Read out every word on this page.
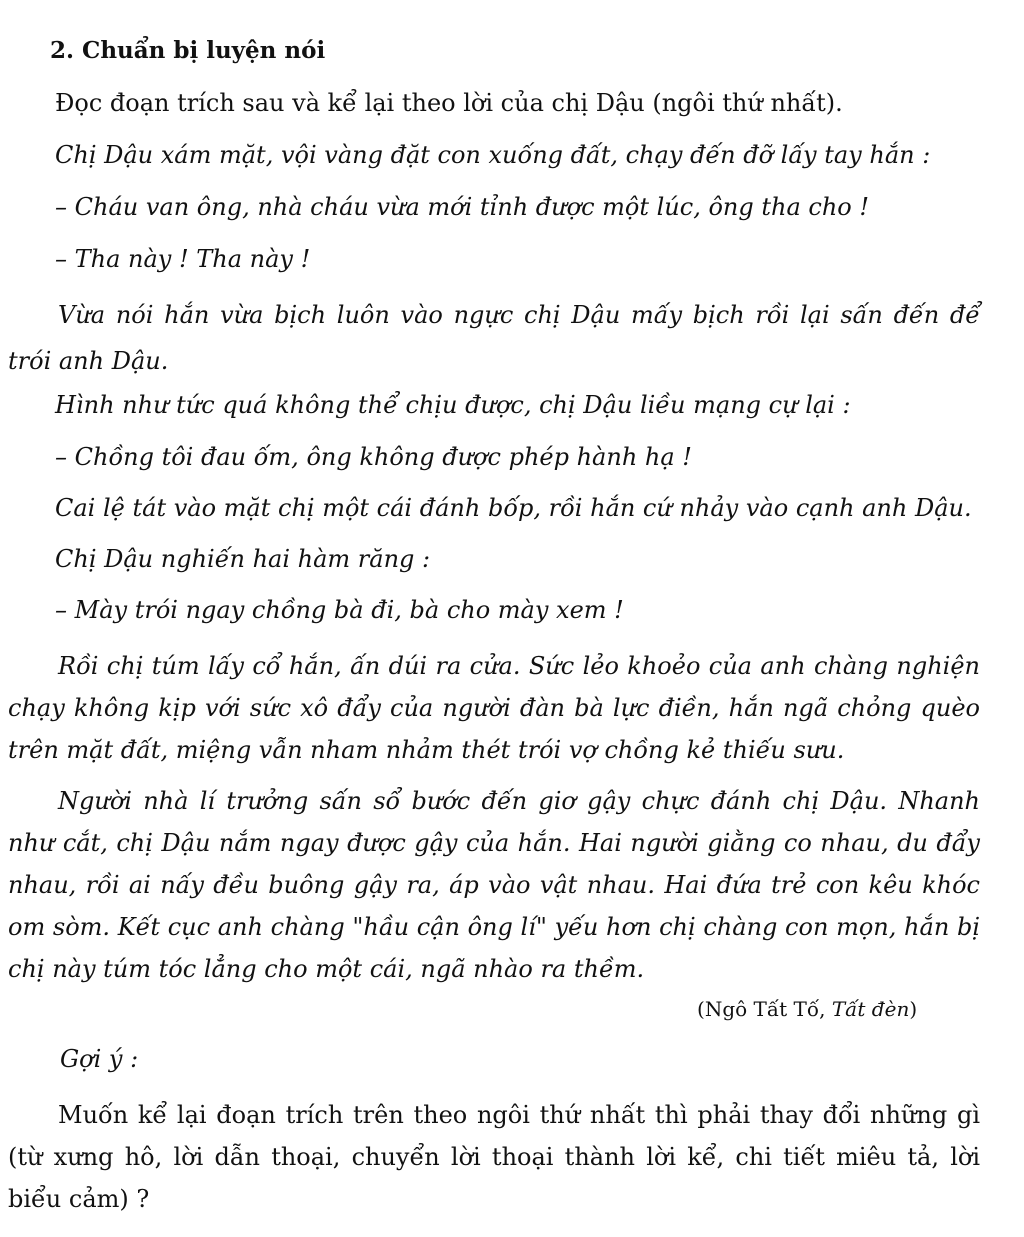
2. Chuẩn bị luyện nói
Đọc đoạn trích sau và kể lại theo lời của chị Dậu (ngôi thứ nhất).
Chị Dậu xám mặt, vội vàng đặt con xuống đất, chạy đến đỡ lấy tay hắn :
– Cháu van ông, nhà cháu vừa mới tỉnh được một lúc, ông tha cho !
– Tha này ! Tha này !
Vừa nói hắn vừa bịch luôn vào ngực chị Dậu mấy bịch rồi lại sấn đến để trói anh Dậu.
Hình như tức quá không thể chịu được, chị Dậu liều mạng cự lại :
– Chồng tôi đau ốm, ông không được phép hành hạ !
Cai lệ tát vào mặt chị một cái đánh bốp, rồi hắn cứ nhảy vào cạnh anh Dậu.
Chị Dậu nghiến hai hàm răng :
– Mày trói ngay chồng bà đi, bà cho mày xem !
Rồi chị túm lấy cổ hắn, ấn dúi ra cửa. Sức lẻo khoẻo của anh chàng nghiện chạy không kịp với sức xô đẩy của người đàn bà lực điền, hắn ngã chỏng quèo trên mặt đất, miệng vẫn nham nhảm thét trói vợ chồng kẻ thiếu sưu.
Người nhà lí trưởng sấn sổ bước đến giơ gậy chực đánh chị Dậu. Nhanh như cắt, chị Dậu nắm ngay được gậy của hắn. Hai người giằng co nhau, du đẩy nhau, rồi ai nấy đều buông gậy ra, áp vào vật nhau. Hai đứa trẻ con kêu khóc om sòm. Kết cục anh chàng "hầu cận ông lí" yếu hơn chị chàng con mọn, hắn bị chị này túm tóc lẳng cho một cái, ngã nhào ra thềm.
(Ngô Tất Tố, Tất đèn)
Gợi ý :
Muốn kể lại đoạn trích trên theo ngôi thứ nhất thì phải thay đổi những gì (từ xưng hô, lời dẫn thoại, chuyển lời thoại thành lời kể, chi tiết miêu tả, lời biểu cảm) ?
